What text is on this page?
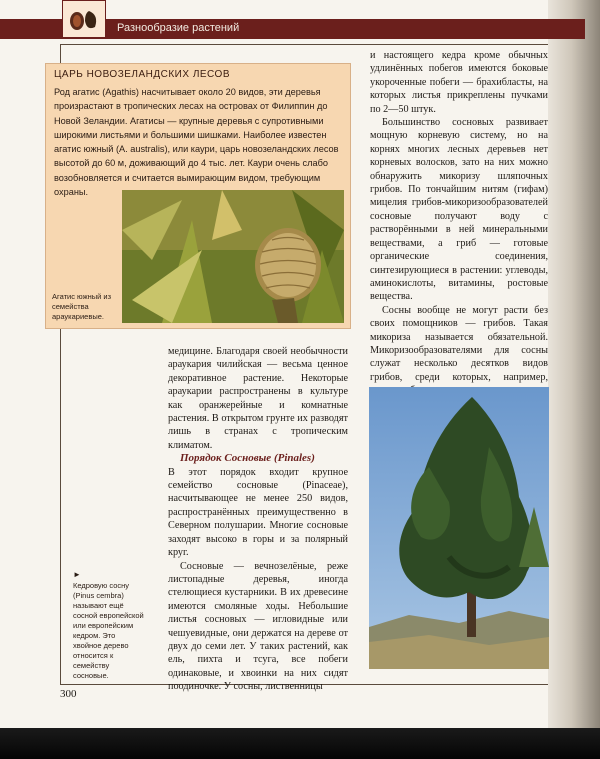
Разнообразие растений
ЦАРЬ НОВОЗЕЛАНДСКИХ ЛЕСОВ

Род агатис (Agathis) насчитывает около 20 видов, эти деревья произрастают в тропических лесах на островах от Филиппин до Новой Зеландии. Агатисы — крупные деревья с супротивными широкими листьями и большими шишками. Наиболее известен агатис южный (A. australis), или каури, царь новозеландских лесов высотой до 60 м, доживающий до 4 тыс. лет. Каури очень слабо возобновляется и считается вымирающим видом, требующим охраны.

Агатис южный из семейства араукариевые.

и настоящего кедра кроме обычных удлинённых побегов имеются боковые укороченные побеги — брахибласты, на которых листья прикреплены пучками по 2—50 штук.

Большинство сосновых развивает мощную корневую систему, но на корнях многих лесных деревьев нет корневых волосков, зато на них можно обнаружить микоризу шляпочных грибов. По тончайшим нитям (гифам) мицелия грибов-микоризообразователей сосновые получают воду с растворёнными в ней минеральными веществами, а гриб — готовые органические соединения, синтезирующиеся в растении: углеводы, аминокислоты, витамины, ростовые вещества.

Сосны вообще не могут расти без своих помощников — грибов. Такая микориза называется обязательной. Микоризообразователями для сосны служат несколько десятков видов грибов, среди которых, например,

►
Кедровую сосну (Pinus cembra) называют ещё сосной европейской или европейским кедром. Это хвойное дерево относится к семейству сосновые.

медицине. Благодаря своей необычности араукария чилийская — весьма ценное декоративное растение. Некоторые араукарии распространены в культуре как оранжерейные и комнатные растения. В открытом грунте их разводят лишь в странах с тропическим климатом.

Порядок Сосновые (Pinales)

В этот порядок входит крупное семейство сосновые (Pinaceae), насчитывающее не менее 250 видов, распространённых преимущественно в Северном полушарии. Многие сосновые заходят высоко в горы и за полярный круг.

Сосновые — вечнозелёные, реже листопадные деревья, иногда стелющиеся кустарники. В их древесине имеются смоляные ходы. Небольшие листья сосновых — игловидные или чешуевидные, они держатся на дереве от двух до семи лет. У таких растений, как ель, пихта и тсуга, все побеги одинаковые, и хвоинки на них сидят поодиночке. У сосны, лиственницы

300
